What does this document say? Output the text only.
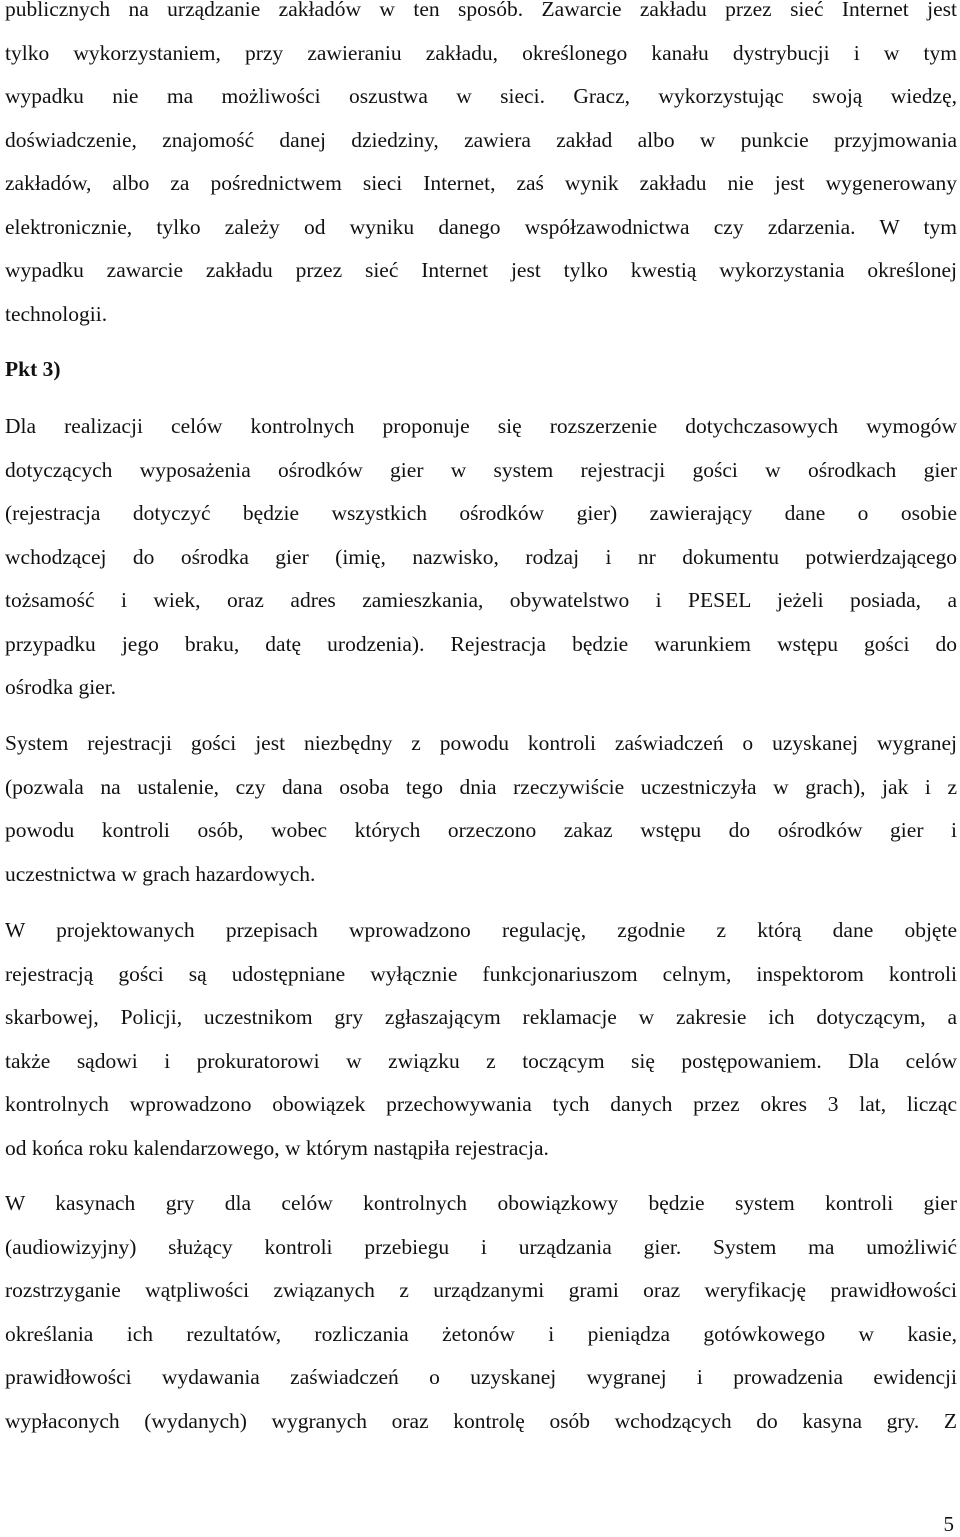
publicznych na urządzanie zakładów w ten sposób. Zawarcie zakładu przez sieć Internet jest
tylko wykorzystaniem, przy zawieraniu zakładu, określonego kanału dystrybucji i w tym
wypadku nie ma możliwości oszustwa w sieci. Gracz, wykorzystując swoją wiedzę,
doświadczenie, znajomość danej dziedziny, zawiera zakład albo w punkcie przyjmowania
zakładów, albo za pośrednictwem sieci Internet, zaś wynik zakładu nie jest wygenerowany
elektronicznie, tylko zależy od wyniku danego współzawodnictwa czy zdarzenia. W tym
wypadku zawarcie zakładu przez sieć Internet jest tylko kwestią wykorzystania określonej
technologii.

Pkt 3)

Dla realizacji celów kontrolnych proponuje się rozszerzenie dotychczasowych wymogów
dotyczących wyposażenia ośrodków gier w system rejestracji gości w ośrodkach gier
(rejestracja dotyczyć będzie wszystkich ośrodków gier) zawierający dane o osobie
wchodzącej do ośrodka gier (imię, nazwisko, rodzaj i nr dokumentu potwierdzającego
tożsamość i wiek, oraz adres zamieszkania, obywatelstwo i PESEL jeżeli posiada, a
przypadku jego braku, datę urodzenia). Rejestracja będzie warunkiem wstępu gości do
ośrodka gier.

System rejestracji gości jest niezbędny z powodu kontroli zaświadczeń o uzyskanej wygranej
(pozwala na ustalenie, czy dana osoba tego dnia rzeczywiście uczestniczyła w grach), jak i z
powodu kontroli osób, wobec których orzeczono zakaz wstępu do ośrodków gier i
uczestnictwa w grach hazardowych.

W projektowanych przepisach wprowadzono regulację, zgodnie z którą dane objęte
rejestracją gości są udostępniane wyłącznie funkcjonariuszom celnym, inspektorom kontroli
skarbowej, Policji, uczestnikom gry zgłaszającym reklamacje w zakresie ich dotyczącym, a
także sądowi i prokuratorowi w związku z toczącym się postępowaniem. Dla celów
kontrolnych wprowadzono obowiązek przechowywania tych danych przez okres 3 lat, licząc
od końca roku kalendarzowego, w którym nastąpiła rejestracja.

W kasynach gry dla celów kontrolnych obowiązkowy będzie system kontroli gier
(audiowizyjny) służący kontroli przebiegu i urządzania gier. System ma umożliwić
rozstrzyganie wątpliwości związanych z urządzanymi grami oraz weryfikację prawidłowości
określania ich rezultatów, rozliczania żetonów i pieniądza gotówkowego w kasie,
prawidłowości wydawania zaświadczeń o uzyskanej wygranej i prowadzenia ewidencji
wypłaconych (wydanych) wygranych oraz kontrolę osób wchodzących do kasyna gry. Z

5
